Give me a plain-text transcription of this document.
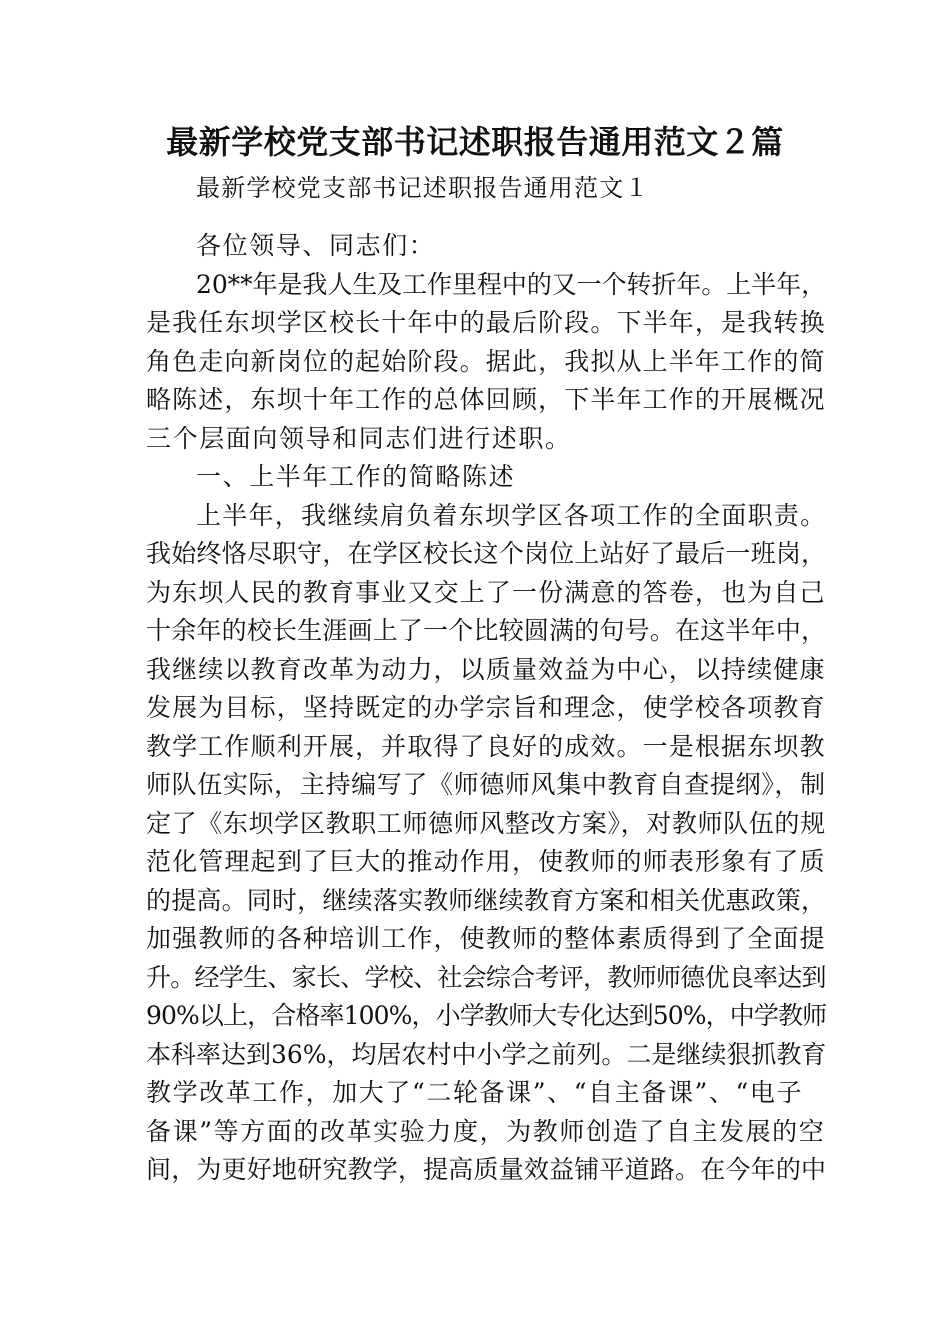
最新学校党支部书记述职报告通用范文２篇

最新学校党支部书记述职报告通用范文１

各位领导、同志们：
20**年是我人生及工作里程中的又一个转折年。上半年，
是我任东坝学区校长十年中的最后阶段。下半年，是我转换
角色走向新岗位的起始阶段。据此，我拟从上半年工作的简
略陈述，东坝十年工作的总体回顾，下半年工作的开展概况
三个层面向领导和同志们进行述职。
一、上半年工作的简略陈述
上半年，我继续肩负着东坝学区各项工作的全面职责。
我始终恪尽职守，在学区校长这个岗位上站好了最后一班岗，
为东坝人民的教育事业又交上了一份满意的答卷，也为自己
十余年的校长生涯画上了一个比较圆满的句号。在这半年中，
我继续以教育改革为动力，以质量效益为中心，以持续健康
发展为目标，坚持既定的办学宗旨和理念，使学校各项教育
教学工作顺利开展，并取得了良好的成效。一是根据东坝教
师队伍实际，主持编写了《师德师风集中教育自查提纲》，制
定了《东坝学区教职工师德师风整改方案》，对教师队伍的规
范化管理起到了巨大的推动作用，使教师的师表形象有了质
的提高。同时，继续落实教师继续教育方案和相关优惠政策，
加强教师的各种培训工作，使教师的整体素质得到了全面提
升。经学生、家长、学校、社会综合考评，教师师德优良率达到
90%以上，合格率100%，小学教师大专化达到50%，中学教师
本科率达到36%，均居农村中小学之前列。二是继续狠抓教育
教学改革工作，加大了“二轮备课”、“自主备课”、“电子
备课”等方面的改革实验力度，为教师创造了自主发展的空
间，为更好地研究教学，提高质量效益铺平道路。在今年的中
